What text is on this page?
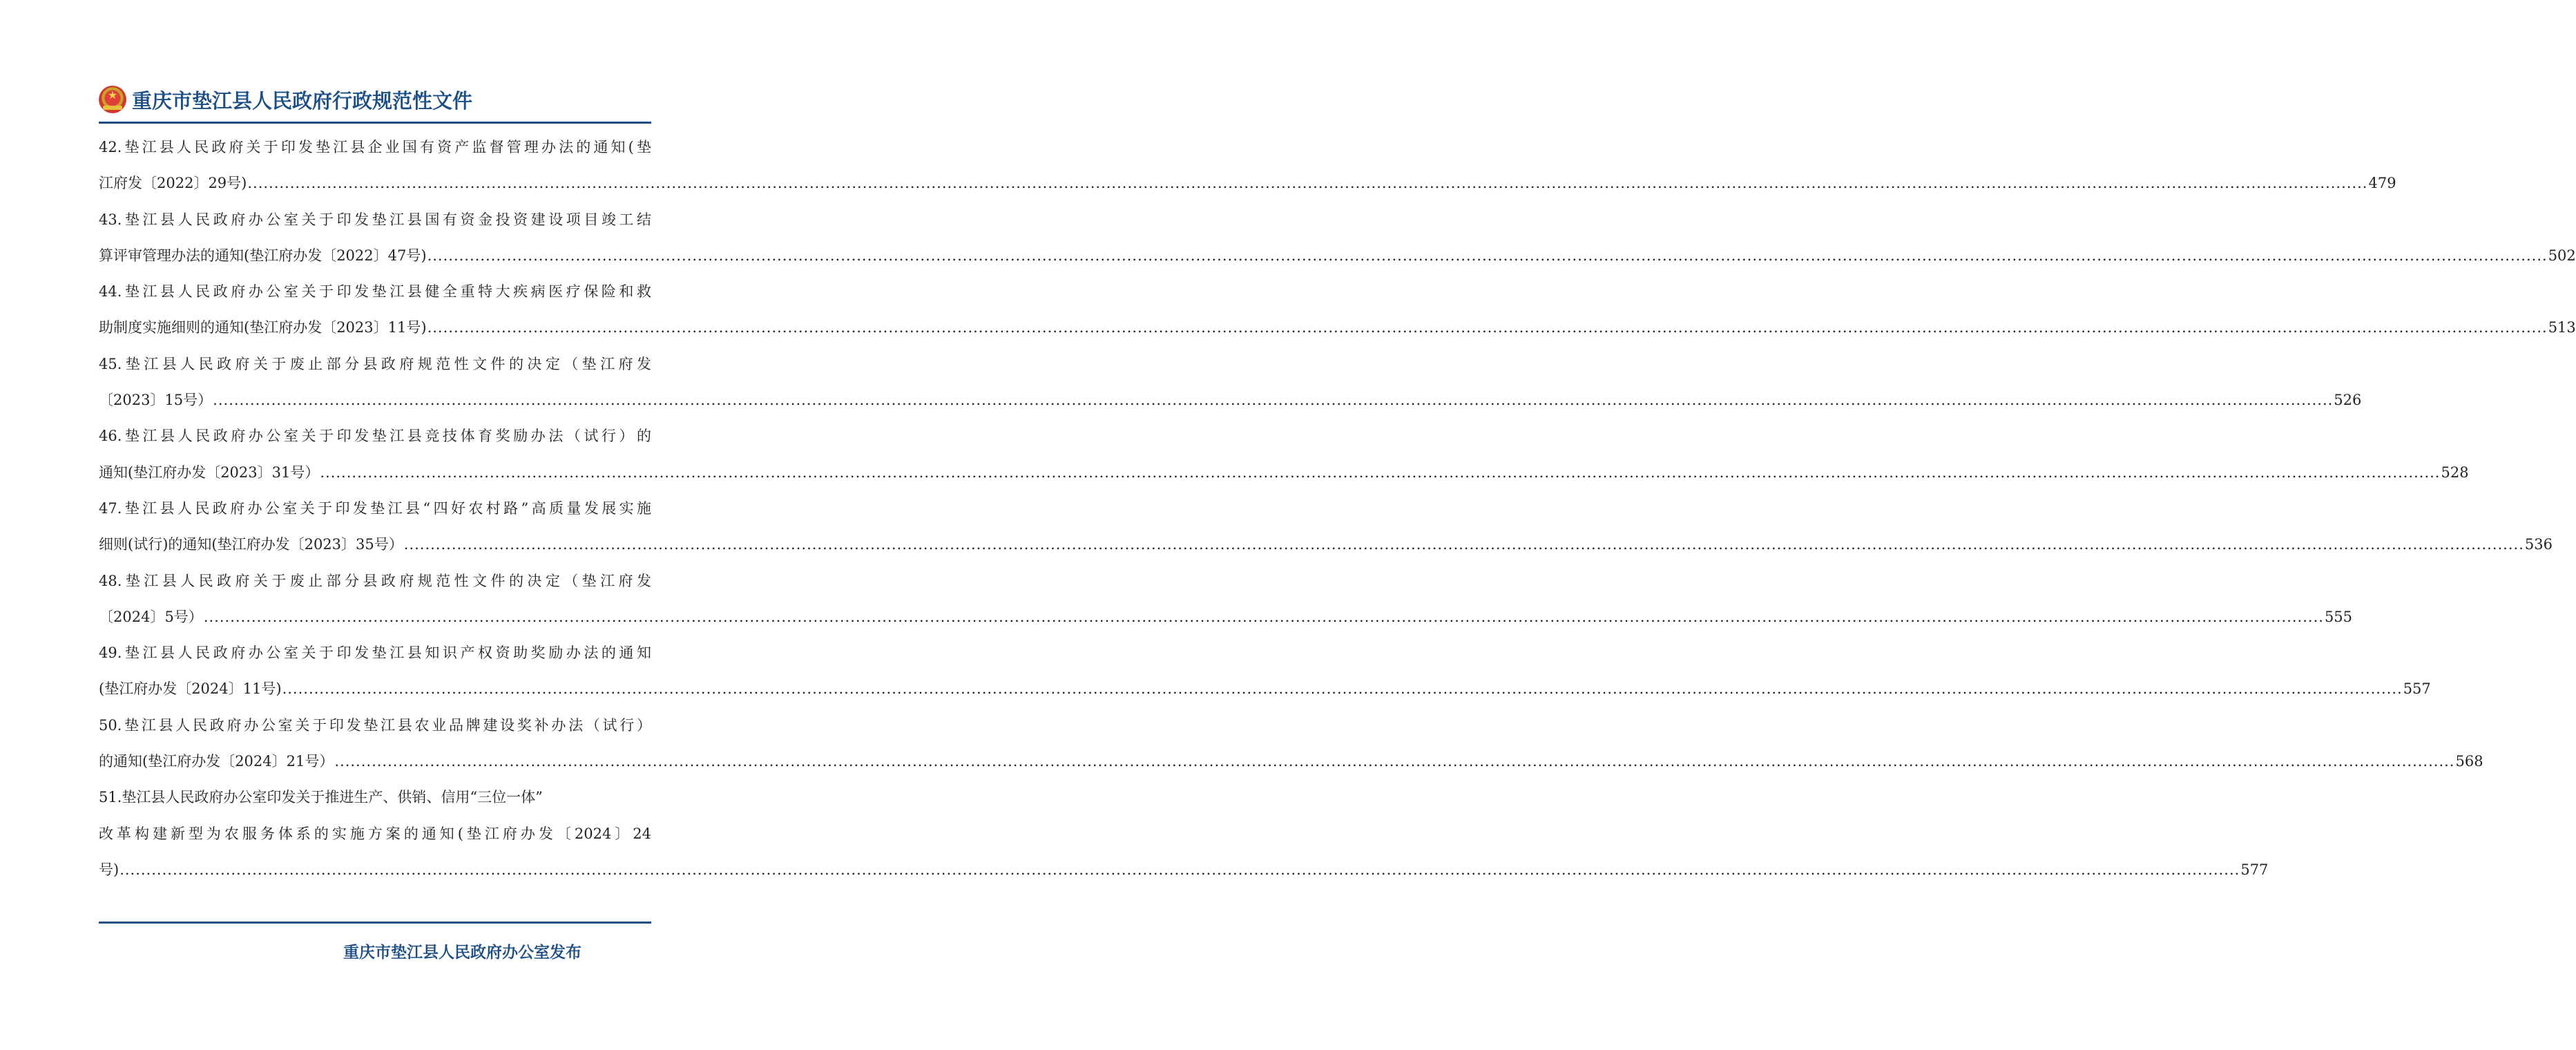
★ 重庆市垫江县人民政府行政规范性文件
42.垫江县人民政府关于印发垫江县企业国有资产监督管理办法的通知(垫
江府发〔2022〕29号) ................................................................................................................................................................................................................................................................................................................................................................................................................ 479
43.垫江县人民政府办公室关于印发垫江县国有资金投资建设项目竣工结
算评审管理办法的通知(垫江府办发〔2022〕47号) ................................................................................................................................................................................................................................................................................................................................................................................................................ 502
44.垫江县人民政府办公室关于印发垫江县健全重特大疾病医疗保险和救
助制度实施细则的通知(垫江府办发〔2023〕11号) ................................................................................................................................................................................................................................................................................................................................................................................................................ 513
45.垫江县人民政府关于废止部分县政府规范性文件的决定（垫江府发
〔2023〕15号） ................................................................................................................................................................................................................................................................................................................................................................................................................ 526
46.垫江县人民政府办公室关于印发垫江县竞技体育奖励办法（试行）的
通知(垫江府办发〔2023〕31号） ................................................................................................................................................................................................................................................................................................................................................................................................................ 528
47.垫江县人民政府办公室关于印发垫江县“四好农村路”高质量发展实施
细则(试行)的通知(垫江府办发〔2023〕35号） ................................................................................................................................................................................................................................................................................................................................................................................................................ 536
48.垫江县人民政府关于废止部分县政府规范性文件的决定（垫江府发
〔2024〕5号） ................................................................................................................................................................................................................................................................................................................................................................................................................ 555
49.垫江县人民政府办公室关于印发垫江县知识产权资助奖励办法的通知
(垫江府办发〔2024〕11号) ................................................................................................................................................................................................................................................................................................................................................................................................................ 557
50.垫江县人民政府办公室关于印发垫江县农业品牌建设奖补办法（试行）
的通知(垫江府办发〔2024〕21号） ................................................................................................................................................................................................................................................................................................................................................................................................................ 568
51.垫江县人民政府办公室印发关于推进生产、供销、信用“三位一体”
改革构建新型为农服务体系的实施方案的通知(垫江府办发〔2024〕24
号) ................................................................................................................................................................................................................................................................................................................................................................................................................ 577
重庆市垫江县人民政府办公室发布
